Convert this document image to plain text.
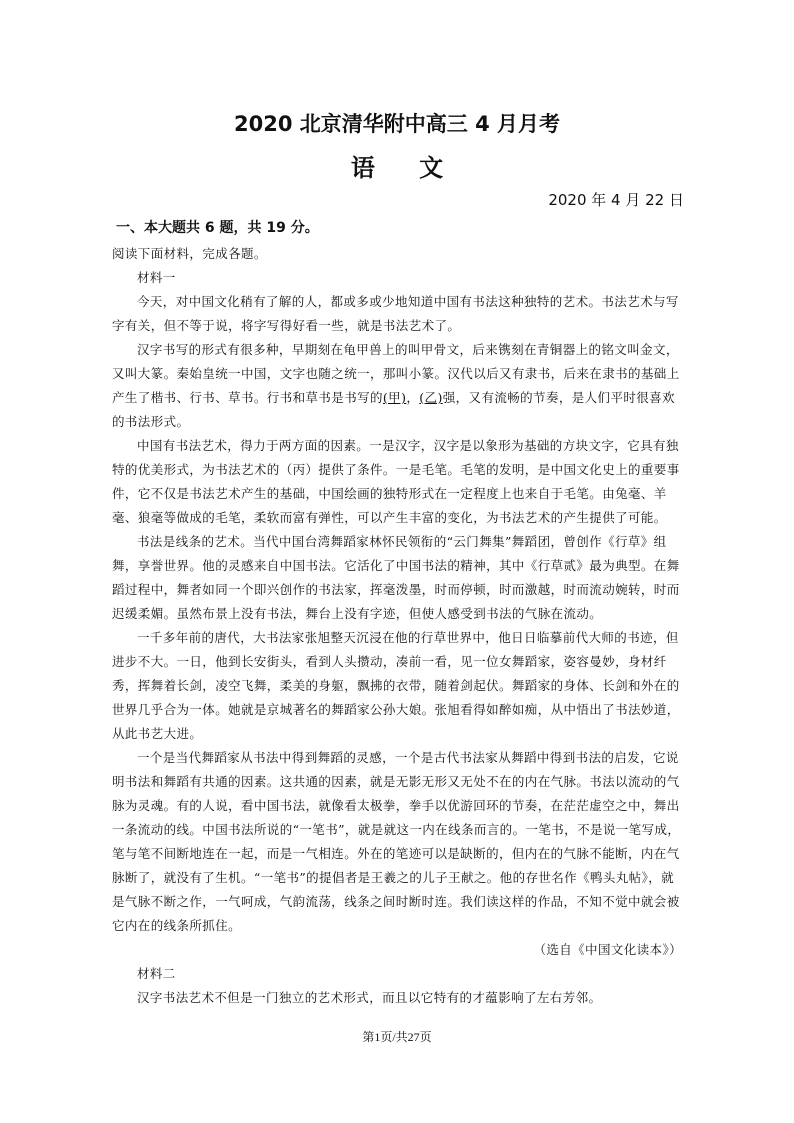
2020 北京清华附中高三 4 月月考
语 文
2020 年 4 月 22 日
一、本大题共 6 题，共 19 分。

阅读下面材料，完成各题。

材料一

今天，对中国文化稍有了解的人，都或多或少地知道中国有书法这种独特的艺术。书法艺术与写字有关，但不等于说，将字写得好看一些，就是书法艺术了。

汉字书写的形式有很多种，早期刻在龟甲兽上的叫甲骨文，后来镌刻在青铜器上的铭文叫金文，又叫大篆。秦始皇统一中国，文字也随之统一，那叫小篆。汉代以后又有隶书，后来在隶书的基础上产生了楷书、行书、草书。行书和草书是书写的(甲)，(乙)强，又有流畅的节奏，是人们平时很喜欢的书法形式。

中国有书法艺术，得力于两方面的因素。一是汉字，汉字是以象形为基础的方块文字，它具有独特的优美形式，为书法艺术的（丙）提供了条件。一是毛笔。毛笔的发明，是中国文化史上的重要事件，它不仅是书法艺术产生的基础，中国绘画的独特形式在一定程度上也来自于毛笔。由兔毫、羊毫、狼毫等做成的毛笔，柔软而富有弹性，可以产生丰富的变化，为书法艺术的产生提供了可能。

书法是线条的艺术。当代中国台湾舞蹈家林怀民领衔的“云门舞集”舞蹈团，曾创作《行草》组舞，享誉世界。他的灵感来自中国书法。它活化了中国书法的精神，其中《行草贰》最为典型。在舞蹈过程中，舞者如同一个即兴创作的书法家，挥毫泼墨，时而停顿，时而激越，时而流动婉转，时而迟缓柔媚。虽然布景上没有书法，舞台上没有字迹，但使人感受到书法的气脉在流动。

一千多年前的唐代，大书法家张旭整天沉浸在他的行草世界中，他日日临摹前代大师的书迹，但进步不大。一日，他到长安街头，看到人头攒动，凑前一看，见一位女舞蹈家，姿容曼妙，身材纤秀，挥舞着长剑，凌空飞舞，柔美的身躯，飘拂的衣带，随着剑起伏。舞蹈家的身体、长剑和外在的世界几乎合为一体。她就是京城著名的舞蹈家公孙大娘。张旭看得如醉如痴，从中悟出了书法妙道，从此书艺大进。

一个是当代舞蹈家从书法中得到舞蹈的灵感，一个是古代书法家从舞蹈中得到书法的启发，它说明书法和舞蹈有共通的因素。这共通的因素，就是无影无形又无处不在的内在气脉。书法以流动的气脉为灵魂。有的人说，看中国书法，就像看太极拳，拳手以优游回环的节奏，在茫茫虚空之中，舞出一条流动的线。中国书法所说的“一笔书”，就是就这一内在线条而言的。一笔书，不是说一笔写成，笔与笔不间断地连在一起，而是一气相连。外在的笔迹可以是缺断的，但内在的气脉不能断，内在气脉断了，就没有了生机。“一笔书”的提倡者是王羲之的儿子王献之。他的存世名作《鸭头丸帖》，就是气脉不断之作，一气呵成，气韵流荡，线条之间时断时连。我们读这样的作品，不知不觉中就会被它内在的线条所抓住。

（选自《中国文化读本》）

材料二

汉字书法艺术不但是一门独立的艺术形式，而且以它特有的才蕴影响了左右芳邻。

第1页/共27页
